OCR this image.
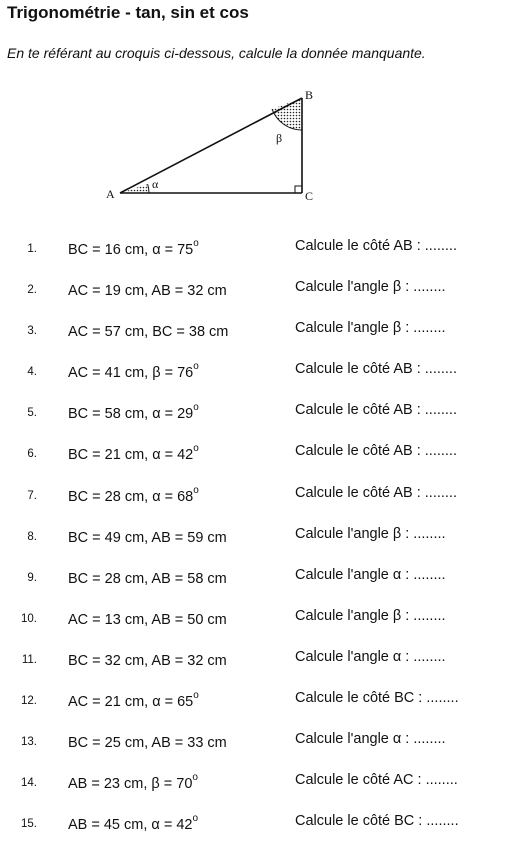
Trigonométrie - tan, sin et cos
En te référant au croquis ci-dessous, calcule la donnée manquante.
A
B
C
α
β
1. BC = 16 cm, $\alpha = 75^o$	Calcule le côté AB : ........
2. AC = 19 cm, AB = 32 cm	Calcule l'angle β : ........
3. AC = 57 cm, BC = 38 cm	Calcule l'angle β : ........
4. AC = 41 cm, $\beta = 76^o$	Calcule le côté AB : ........
5. BC = 58 cm, $\alpha = 29^o$	Calcule le côté AB : ........
6. BC = 21 cm, $\alpha = 42^o$	Calcule le côté AB : ........
7. BC = 28 cm, $\alpha = 68^o$	Calcule le côté AB : ........
8. BC = 49 cm, AB = 59 cm	Calcule l'angle β : ........
9. BC = 28 cm, AB = 58 cm	Calcule l'angle α : ........
10. AC = 13 cm, AB = 50 cm	Calcule l'angle β : ........
11. BC = 32 cm, AB = 32 cm	Calcule l'angle α : ........
12. AC = 21 cm, $\alpha = 65^o$	Calcule le côté BC : ........
13. BC = 25 cm, AB = 33 cm	Calcule l'angle α : ........
14. AB = 23 cm, $\beta = 70^o$	Calcule le côté AC : ........
15. AB = 45 cm, $\alpha = 42^o$	Calcule le côté BC : ........
